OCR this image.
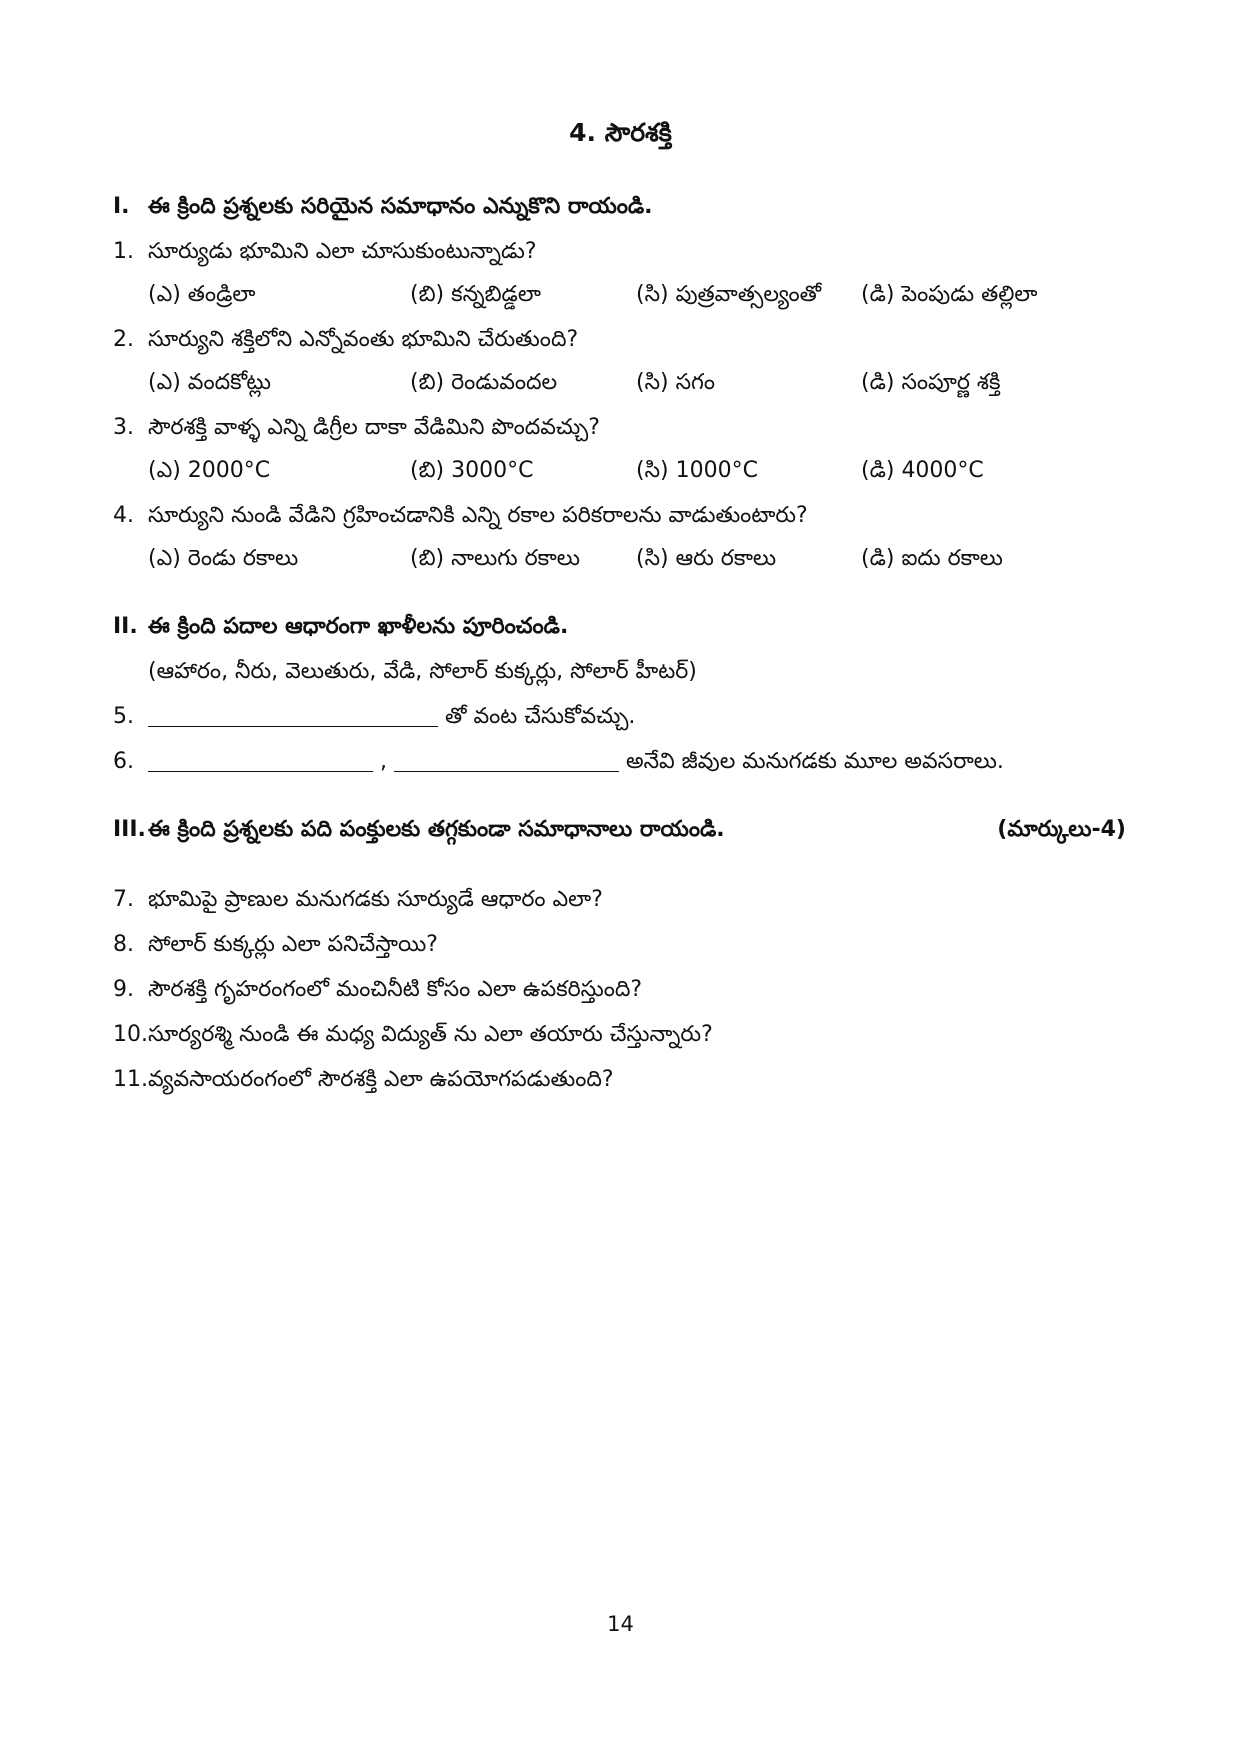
4. సౌరశక్తి
I. ఈ క్రింది ప్రశ్నలకు సరియైన సమాధానం ఎన్నుకొని రాయండి.
1. సూర్యుడు భూమిని ఎలా చూసుకుంటున్నాడు?
(ఎ) తండ్రిలా	(బి) కన్నబిడ్డలా	(సి) పుత్రవాత్సల్యంతో (డి) పెంపుడు తల్లిలా
2. సూర్యుని శక్తిలోని ఎన్నోవంతు భూమిని చేరుతుంది?
(ఎ) వందకోట్లు	(బి) రెండువందల	(సి) సగం	(డి) సంపూర్ణ శక్తి
3. సౌరశక్తి వాళ్ళ ఎన్ని డిగ్రీల దాకా వేడిమిని పొందవచ్చు?
(ఎ) 2000°C	(బి) 3000°C	(సి) 1000°C	(డి) 4000°C
4. సూర్యుని నుండి వేడిని గ్రహించడానికి ఎన్ని రకాల పరికరాలను వాడుతుంటారు?
(ఎ) రెండు రకాలు	(బి) నాలుగు రకాలు	(సి) ఆరు రకాలు	(డి) ఐదు రకాలు
II. ఈ క్రింది పదాల ఆధారంగా ఖాళీలను పూరించండి.
(ఆహారం, నీరు, వెలుతురు, వేడి, సోలార్ కుక్కర్లు, సోలార్ హీటర్)
5.	తో వంట చేసుకోవచ్చు.
6.	,	అనేవి జీవుల మనుగడకు మూల అవసరాలు.
III. ఈ క్రింది ప్రశ్నలకు పది పంక్తులకు తగ్గకుండా సమాధానాలు రాయండి.	(మార్కులు-4)
7. భూమిపై ప్రాణుల మనుగడకు సూర్యుడే ఆధారం ఎలా?
8. సోలార్ కుక్కర్లు ఎలా పనిచేస్తాయి?
9. సౌరశక్తి గృహరంగంలో మంచినీటి కోసం ఎలా ఉపకరిస్తుంది?
10. సూర్యరశ్మి నుండి ఈ మధ్య విద్యుత్ ను ఎలా తయారు చేస్తున్నారు?
11. వ్యవసాయరంగంలో సౌరశక్తి ఎలా ఉపయోగపడుతుంది?
14
